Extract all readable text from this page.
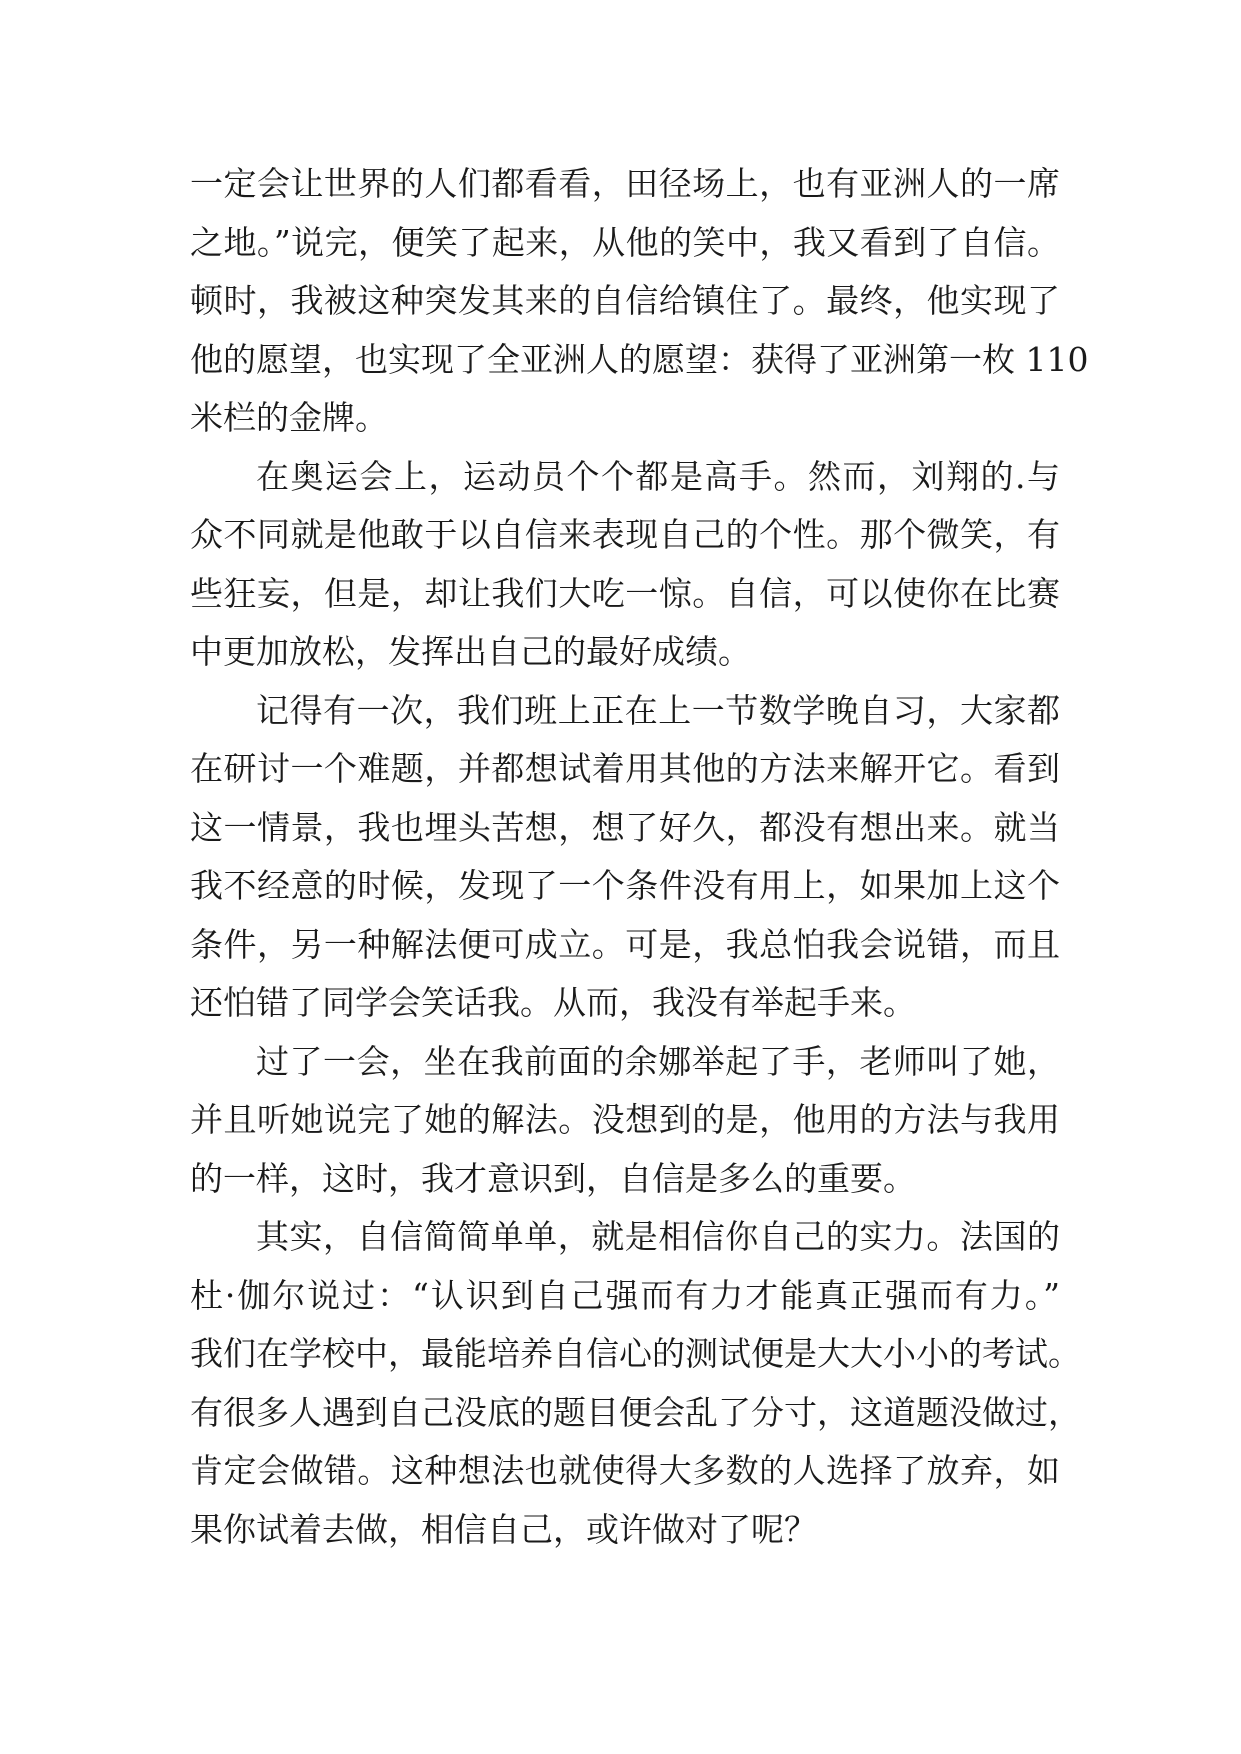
一定会让世界的人们都看看，田径场上，也有亚洲人的一席
之地。”说完，便笑了起来，从他的笑中，我又看到了自信。
顿时，我被这种突发其来的自信给镇住了。最终，他实现了
他的愿望，也实现了全亚洲人的愿望：获得了亚洲第一枚 110
米栏的金牌。
在奥运会上，运动员个个都是高手。然而，刘翔的.与
众不同就是他敢于以自信来表现自己的个性。那个微笑，有
些狂妄，但是，却让我们大吃一惊。自信，可以使你在比赛
中更加放松，发挥出自己的最好成绩。
记得有一次，我们班上正在上一节数学晚自习，大家都
在研讨一个难题，并都想试着用其他的方法来解开它。看到
这一情景，我也埋头苦想，想了好久，都没有想出来。就当
我不经意的时候，发现了一个条件没有用上，如果加上这个
条件，另一种解法便可成立。可是，我总怕我会说错，而且
还怕错了同学会笑话我。从而，我没有举起手来。
过了一会，坐在我前面的余娜举起了手，老师叫了她，
并且听她说完了她的解法。没想到的是，他用的方法与我用
的一样，这时，我才意识到，自信是多么的重要。
其实，自信简简单单，就是相信你自己的实力。法国的
杜·伽尔说过：“认识到自己强而有力才能真正强而有力。”
我们在学校中，最能培养自信心的测试便是大大小小的考试。
有很多人遇到自己没底的题目便会乱了分寸，这道题没做过，
肯定会做错。这种想法也就使得大多数的人选择了放弃，如
果你试着去做，相信自己，或许做对了呢？
